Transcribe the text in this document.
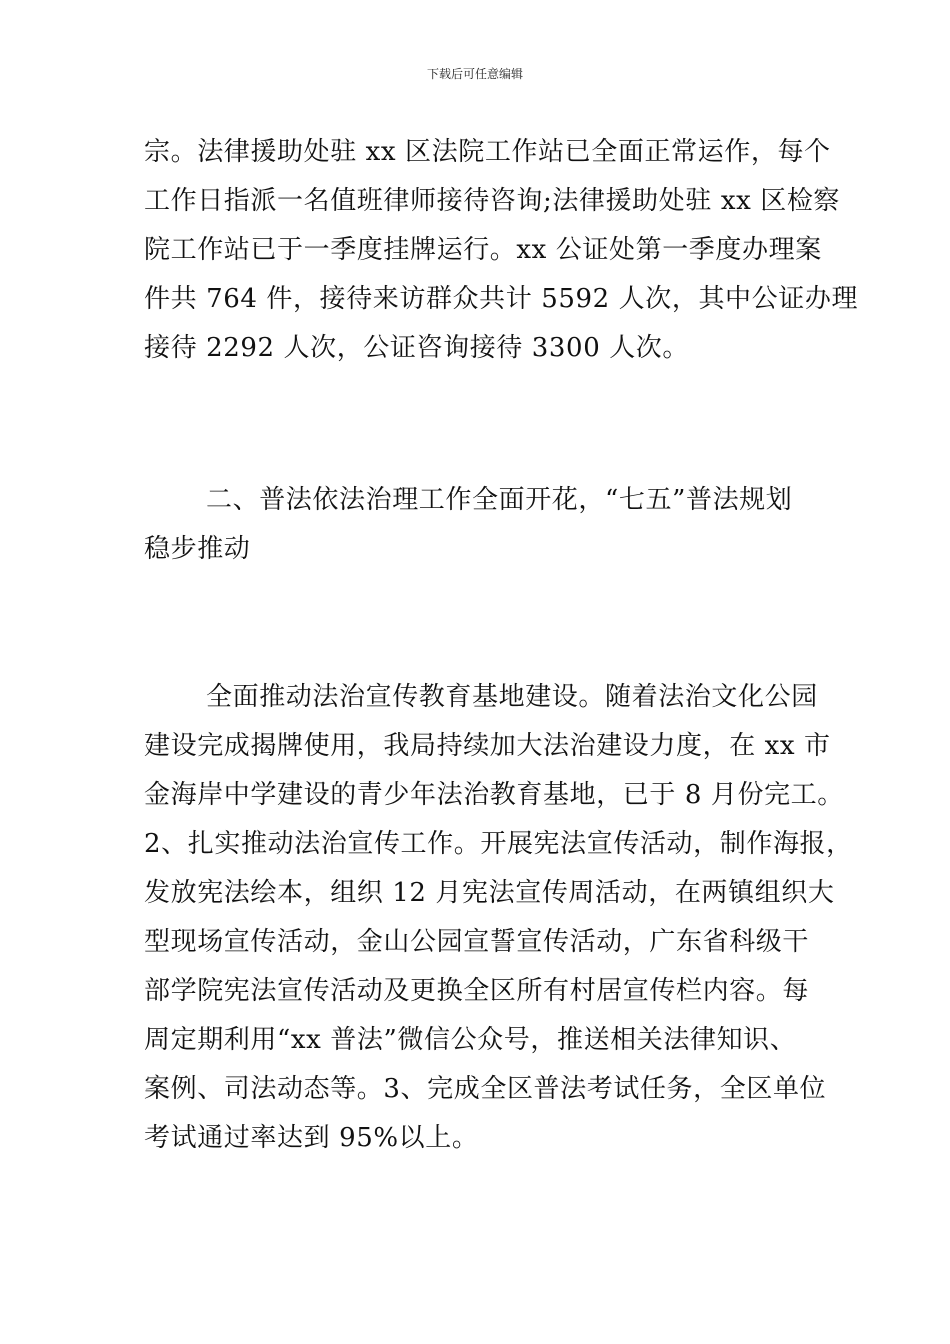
下载后可任意编辑

宗。法律援助处驻 xx 区法院工作站已全面正常运作，每个
工作日指派一名值班律师接待咨询;法律援助处驻 xx 区检察
院工作站已于一季度挂牌运行。xx 公证处第一季度办理案
件共 764 件，接待来访群众共计 5592 人次，其中公证办理
接待 2292 人次，公证咨询接待 3300 人次。

二、普法依法治理工作全面开花，“七五”普法规划
稳步推动

全面推动法治宣传教育基地建设。随着法治文化公园
建设完成揭牌使用，我局持续加大法治建设力度，在 xx 市
金海岸中学建设的青少年法治教育基地，已于 8 月份完工。
2、扎实推动法治宣传工作。开展宪法宣传活动，制作海报，
发放宪法绘本，组织 12 月宪法宣传周活动，在两镇组织大
型现场宣传活动，金山公园宣誓宣传活动，广东省科级干
部学院宪法宣传活动及更换全区所有村居宣传栏内容。每
周定期利用“xx 普法”微信公众号，推送相关法律知识、
案例、司法动态等。3、完成全区普法考试任务，全区单位
考试通过率达到 95%以上。
